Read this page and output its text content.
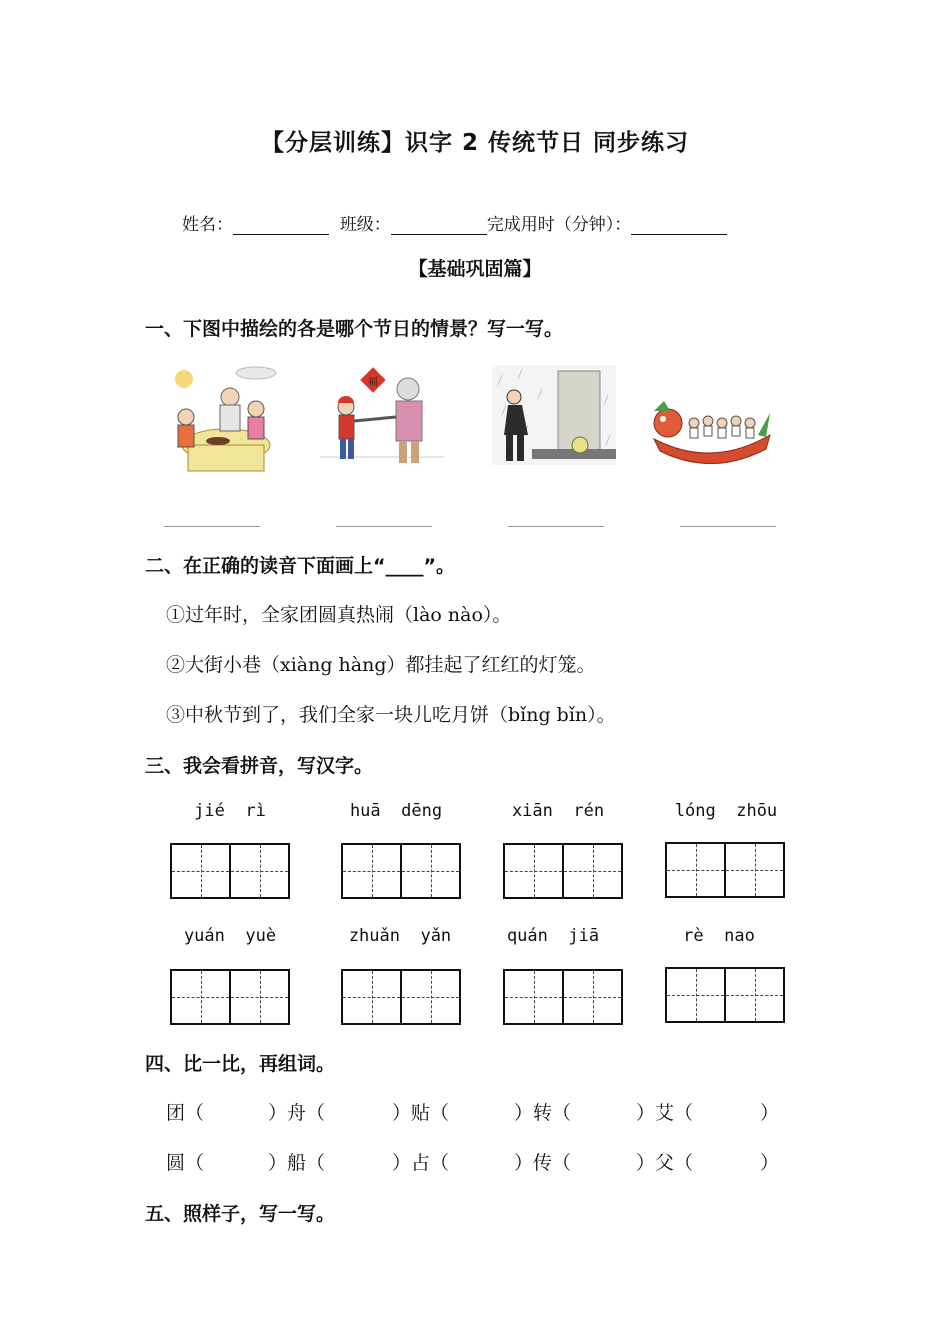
【分层训练】识字 2 传统节日 同步练习
姓名：	班级：	完成用时（分钟）：
【基础巩固篇】
一、下图中描绘的各是哪个节日的情景？写一写。
福
二、在正确的读音下面画上“____”。
①过年时，全家团圆真热闹（lào nào）。
②大街小巷（xiàng hàng）都挂起了红红的灯笼。
③中秋节到了，我们全家一块儿吃月饼（bǐng bǐn）。
三、我会看拼音，写汉字。
jié  rì	huā  dēng	xiān  rén	lóng  zhōu
yuán  yuè	zhuǎn  yǎn	quán  jiā	rè  nao
四、比一比，再组词。
团（	）舟（	）贴（	）转（	）艾（	）
圆（	）船（	）占（	）传（	）父（	）
五、照样子，写一写。
